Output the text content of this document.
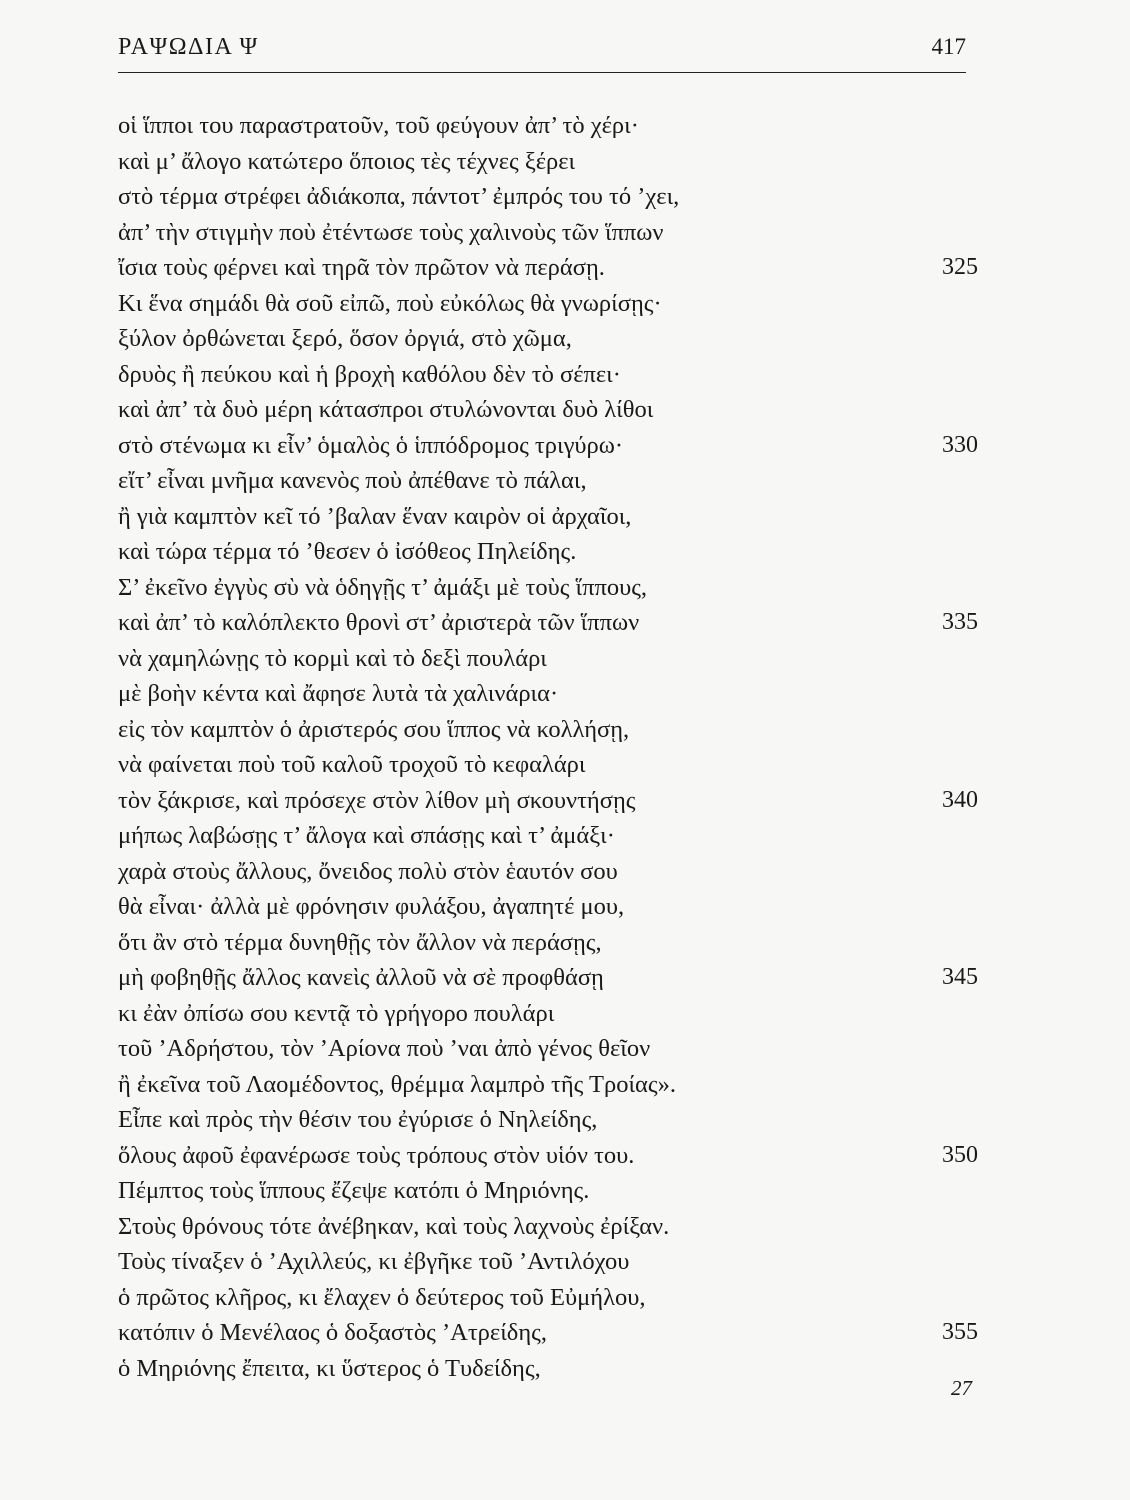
ΡΑΨΩΔΙΑ Ψ	417
οἱ ἵπποι του παραστρατοῦν, τοῦ φεύγουν ἀπ’ τὸ χέρι·
καὶ μ’ ἄλογο κατώτερο ὅποιος τὲς τέχνες ξέρει
στὸ τέρμα στρέφει ἀδιάκοπα, πάντοτ’ ἐμπρός του τό ’χει,
ἀπ’ τὴν στιγμὴν ποὺ ἐτέντωσε τοὺς χαλινοὺς τῶν ἵππων
ἴσια τοὺς φέρνει καὶ τηρᾶ τὸν πρῶτον νὰ περάσῃ.	325
Κι ἕνα σημάδι θὰ σοῦ εἰπῶ, ποὺ εὐκόλως θὰ γνωρίσῃς·
ξύλον ὀρθώνεται ξερό, ὅσον ὀργιά, στὸ χῶμα,
δρυὸς ἢ πεύκου καὶ ἡ βροχὴ καθόλου δὲν τὸ σέπει·
καὶ ἀπ’ τὰ δυὸ μέρη κάτασπροι στυλώνονται δυὸ λίθοι
στὸ στένωμα κι εἶν’ ὁμαλὸς ὁ ἱππόδρομος τριγύρω·	330
εἴτ’ εἶναι μνῆμα κανενὸς ποὺ ἀπέθανε τὸ πάλαι,
ἢ γιὰ καμπτὸν κεῖ τό ’βαλαν ἕναν καιρὸν οἱ ἀρχαῖοι,
καὶ τώρα τέρμα τό ’θεσεν ὁ ἰσόθεος Πηλείδης.
Σ’ ἐκεῖνο ἐγγὺς σὺ νὰ ὁδηγῇς τ’ ἀμάξι μὲ τοὺς ἵππους,
καὶ ἀπ’ τὸ καλόπλεκτο θρονὶ στ’ ἀριστερὰ τῶν ἵππων	335
νὰ χαμηλώνῃς τὸ κορμὶ καὶ τὸ δεξὶ πουλάρι
μὲ βοὴν κέντα καὶ ἄφησε λυτὰ τὰ χαλινάρια·
εἰς τὸν καμπτὸν ὁ ἀριστερός σου ἵππος νὰ κολλήσῃ,
νὰ φαίνεται ποὺ τοῦ καλοῦ τροχοῦ τὸ κεφαλάρι
τὸν ξάκρισε, καὶ πρόσεχε στὸν λίθον μὴ σκουντήσῃς	340
μήπως λαβώσῃς τ’ ἄλογα καὶ σπάσῃς καὶ τ’ ἀμάξι·
χαρὰ στοὺς ἄλλους, ὄνειδος πολὺ στὸν ἑαυτόν σου
θὰ εἶναι· ἀλλὰ μὲ φρόνησιν φυλάξου, ἀγαπητέ μου,
ὅτι ἂν στὸ τέρμα δυνηθῇς τὸν ἄλλον νὰ περάσῃς,
μὴ φοβηθῇς ἄλλος κανεὶς ἀλλοῦ νὰ σὲ προφθάσῃ	345
κι ἐὰν ὀπίσω σου κεντᾷ τὸ γρήγορο πουλάρι
τοῦ ’Αδρήστου, τὸν ’Αρίονα ποὺ ’ναι ἀπὸ γένος θεῖον
ἢ ἐκεῖνα τοῦ Λαομέδοντος, θρέμμα λαμπρὸ τῆς Τροίας».
Εἶπε καὶ πρὸς τὴν θέσιν του ἐγύρισε ὁ Νηλείδης,
ὅλους ἀφοῦ ἐφανέρωσε τοὺς τρόπους στὸν υἱόν του.	350
Πέμπτος τοὺς ἵππους ἔζεψε κατόπι ὁ Μηριόνης.
Στοὺς θρόνους τότε ἀνέβηκαν, καὶ τοὺς λαχνοὺς ἐρίξαν.
Τοὺς τίναξεν ὁ ’Αχιλλεύς, κι ἐβγῆκε τοῦ ’Αντιλόχου
ὁ πρῶτος κλῆρος, κι ἔλαχεν ὁ δεύτερος τοῦ Εὐμήλου,
κατόπιν ὁ Μενέλαος ὁ δοξαστὸς ’Ατρείδης,	355
ὁ Μηριόνης ἔπειτα, κι ὕστερος ὁ Τυδείδης,
27
